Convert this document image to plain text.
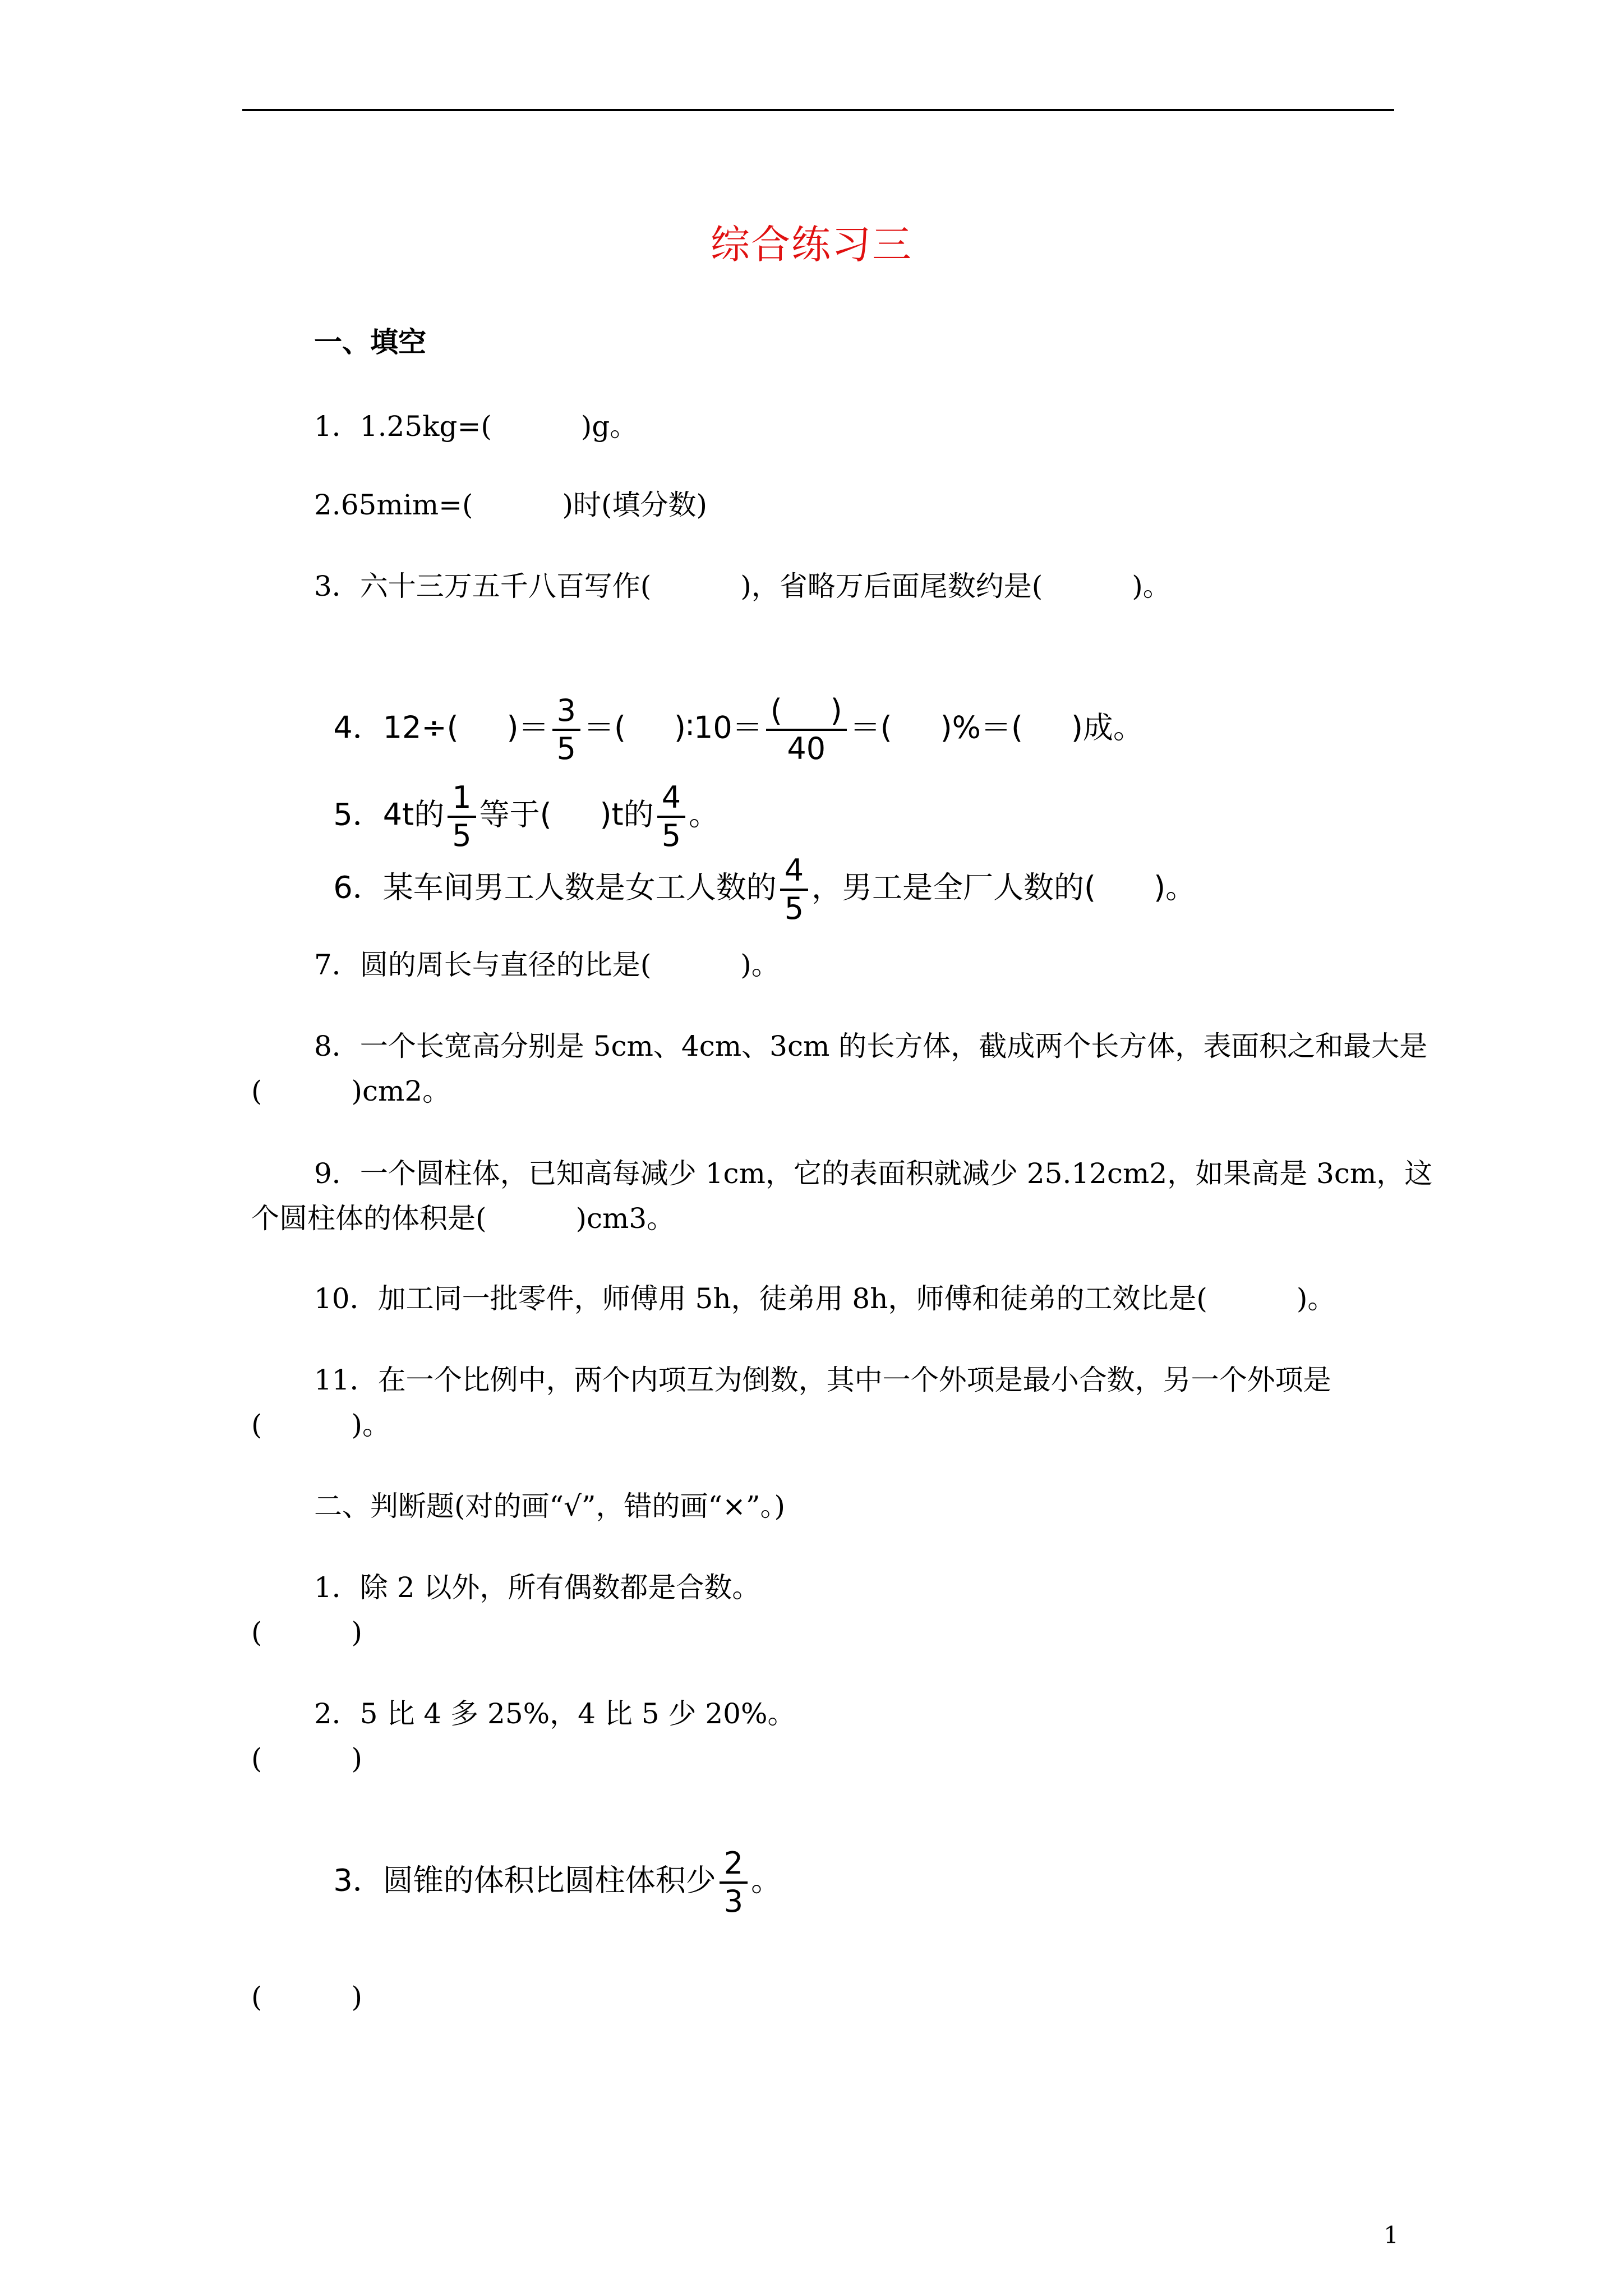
综合练习三
一、填空
1．1.25kg=(          )g。
2.65mim=(          )时(填分数)
3．六十三万五千八百写作(          )，省略万后面尾数约是(          )。

4．12÷(     )＝ $\frac{3}{5}$ ＝(     )∶10＝ $\frac{( )}{40}$ ＝(     )%＝(     )成。

5．4t的 $\frac{1}{5}$ 等于(     )t的 $\frac{4}{5}$ 。

6．某车间男工人数是女工人数的 $\frac{4}{5}$ ，男工是全厂人数的(      )。

7．圆的周长与直径的比是(          )。
8．一个长宽高分别是 5cm、4cm、3cm 的长方体，截成两个长方体，表面积之和最大是
(          )cm2。
9．一个圆柱体，已知高每减少 1cm，它的表面积就减少 25.12cm2，如果高是 3cm，这
个圆柱体的体积是(          )cm3。
10．加工同一批零件，师傅用 5h，徒弟用 8h，师傅和徒弟的工效比是(          )。
11．在一个比例中，两个内项互为倒数，其中一个外项是最小合数，另一个外项是
(          )。
二、判断题(对的画“√”，错的画“×”。)
1．除 2 以外，所有偶数都是合数。
(          )
2．5 比 4 多 25%，4 比 5 少 20%。
(          )

3．圆锥的体积比圆柱体积少 $\frac{2}{3}$ 。

(          )
1
